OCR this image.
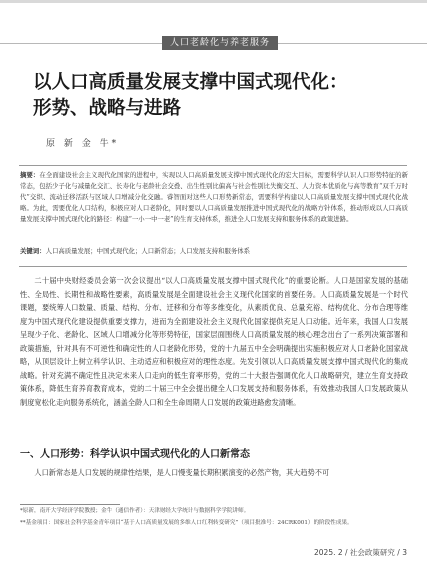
人口老龄化与养老服务
以人口高质量发展支撑中国式现代化：
形势、战略与进路
原 新 金 牛*
摘要：在全面建设社会主义现代化国家的进程中，实现以人口高质量发展支撑中国式现代化的宏大目标，需要科学认识人口形势特征的新常态，包括少子化与减量化交汇、长寿化与老龄社会交叠、出生性别比偏高与社会性别比失衡交互、人力资本优质化与高等教育“双千万时代”交织、流动迁移活跃与区域人口增减分化交融。睿智面对这些人口形势新常态，需要科学构建以人口高质量发展支撑中国式现代化战略。为此，需要优化人口结构，积极应对人口老龄化，同时要以人口高质量发展推进中国式现代化的战略方针体系，推动形成以人口高质量发展支撑中国式现代化的路径：构建“一小一中一老”的生育支持体系，推进全人口发展支持和服务体系的政策进路。
关键词：人口高质量发展；中国式现代化；人口新常态；人口发展支持和服务体系
二十届中央财经委员会第一次会议提出“以人口高质量发展支撑中国式现代化”的重要论断。人口是国家发展的基础性、全局性、长期性和战略性要素，高质量发展是全面建设社会主义现代化国家的首要任务。人口高质量发展是一个时代课题，要统筹人口数量、质量、结构、分布、迁移和分布等多维变化，从素质优良、总量充裕、结构优化、分布合理等维度为中国式现代化建设提供重要支撑力，进而为全面建设社会主义现代化国家提供充足人口动能。近年来，我国人口发展呈现少子化、老龄化、区域人口增减分化等形势特征，国家层面围绕人口高质量发展的核心理念出台了一系列决策部署和政策措施，针对具有不可逆性和确定性的人口老龄化形势，党的十九届五中全会明确提出实施积极应对人口老龄化国家战略，从顶层设计上树立科学认识、主动适应和积极应对的理性态度。先发引领以人口高质量发展支撑中国式现代化的集成战略。针对充满不确定性且决定未来人口走向的低生育率形势，党的二十大报告强调优化人口战略研究，建立生育支持政策体系，降低生育养育教育成本，党的二十届三中全会提出健全人口发展支持和服务体系，有效推动我国人口发展政策从制度宽松化走向服务系统化，涵盖全龄人口和全生命周期人口发展的政策进路愈发清晰。
一、人口形势：科学认识中国式现代化的人口新常态
人口新常态是人口发展的规律性结果，是人口慢变量长期积累演变的必然产物，其大趋势不可

*原新，南开大学经济学院教授；金牛（通信作者）：天津财经大学统计与数据科学学院讲师。

**基金项目：国家社会科学基金青年项目“基于人口高质量发展的多维人口红利转变研究”（项目批准号：24CRK001）的阶段性成果。

2025. 2 / 社会政策研究 / 3
